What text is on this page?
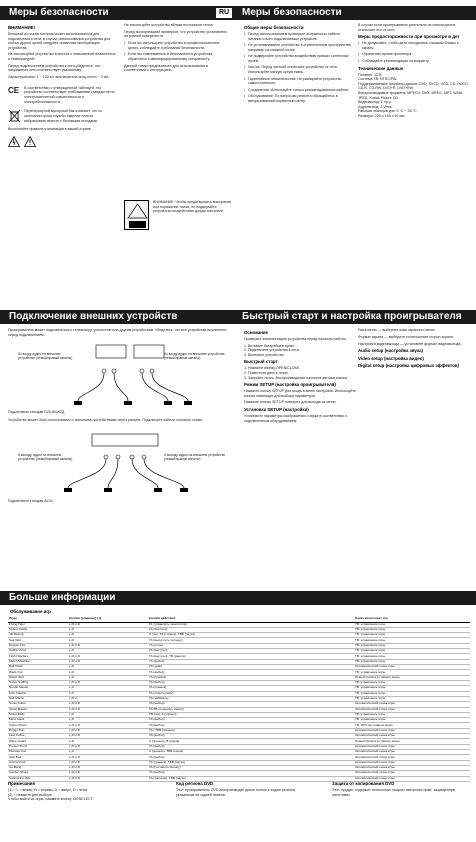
Меры безопасности	RU	Меры безопасности
ВНИМАНИЕ!

Внешний источник питания может использоваться для подключения к сети, в случае использования устройства для любых других целей следуйте правилам эксплуатации устройства.

Не используйте устройство в местах с повышенной влажностью и температурой.

Перед подключением устройства к сети убедитесь, что напряжение сети соответствует указанному.

Характеристики: 1 ~ 100 кл. выключатель мощ-ности ~ 3 мА.

CE	В соответствии с утвержденной таблицей, это устройство соответствует требованиям стандартов по электромагнитной совместимости и электробезопасности.

Перечеркнутый мусорный бак означает, что по окончании срока службы изделие нельзя выбрасывать вместе с бытовыми отходами.

Выполняйте правила утилизации в вашей стране.

Не используйте устройство вблизи источников тепла.

Перед эксплуатацией проверьте, что устройство установлено на ровной поверхности.

• Если вы используете устройство в профессиональных целях, соблюдайте требования безопасности.
• Если вы сомневаетесь в безопасности устройства, обратитесь к квалифицированному специалисту.

Данный товар предназначен для использования в соответствии с инструкцией.

ВНИМАНИЕ: Чтобы предотвратить возгорание или поражение током, не подвергайте устройство воздействию дождя или влаги.

Общие меры безопасности
• Перед использованием проверьте исправность кабеля питания и всех подключаемых устройств.
• Не устанавливайте устройство в ограниченном пространстве, например на книжной полке.
• Не подвергайте устройство воздействию прямых солнечных лучей.
• Чистка: Перед чисткой отключите устройство от сети. Используйте мягкую сухую ткань.
• Гарантийные обязательства: Не разбирайте устройство самостоятельно.
• Соединения: Используйте только рекомендованные кабели.
• Обслуживание: По вопросам ремонта обращайтесь в авторизованный сервисный центр.

В случае если проигрыватель длительно не используется, отключите его от сети.

Меры предосторожности при просмотре в дет
• Не допускайте, чтобы дети находились слишком близко к экрану.
• Ограничьте время просмотра.
• Соблюдайте рекомендации по возрасту.
Технические данные
Питание: 12 В
Система ТВ: NTSC/PAL
Поддерживаемые форматы дисков: DVD, SVCD, VCD, CD, HDCD, CD-R, CD-RW, DVD+R, DVD+RW
Воспроизводимые форматы: MPEG4, DivX, MPEG, MP3, WMA, JPEG, Kodak Picture CD
Видеовыход: 1 Vp-p
Аудиовыход: 2 Vrms
Рабочая температура: 5 °C ~ 35 °C
Размеры: 225 x 165 x 40 мм
Подключение внешних устройств	Быстрый старт и настройка проигрывателя

Проигрыватель может подключаться к телевизору, усилителю или другим устройствам. Убедитесь, что все устройства выключены перед подключением.

Ко входу аудио на внешнем устройстве (левый/правый каналы)
Ко входу аудио на внешнем устройстве (левый/правый каналы)
Подключение к входам DVD-ВЫХОД

Устройство может быть использовано с внешними устройствами через разъем. Подключите кабели согласно схеме.

К выходу аудио на внешнем устройстве (левый/правый каналы)
К выходу аудио на внешнем устройстве (левый/правый каналы)
Подключение к входам AV-IN
Основание

Проверьте комплектацию устройства перед началом работы.

1. Вставьте батарейки в пульт.
2. Подключите устройство к сети.
3. Включите устройство.
Быстрый старт
1. Нажмите кнопку OPEN/CLOSE.
2. Поместите диск в лоток.
3. Закройте лоток. Воспроизведение начнется автоматически.
Режим SETUP (настройка проигрывателя)

Нажмите кнопку SETUP для входа в меню настройки. Используйте кнопки навигации для выбора параметров.

Нажмите кнопку SETUP повторно для выхода из меню.

Установка SETUP (настройки)

Установите параметры изображения и звука в соответствии с подключенным оборудованием.

Язык меню — выберите язык экранного меню.

Формат экрана — выберите соотношение сторон экрана.

Настройка видеовыхода — установите формат видеовыхода.

Audio setup (настройка звука)
Video setup (настройка видео)
Digital setup (настройка цифровых эффектов)
Больше информации
Обслуживание игр
Игры	Кнопки (клавиши) (1)	Кнопки действия	Показ кнопочных игр
Flying Tiger	L,R,U,D	F1 (управлять самолётом)	TB: управление игры
Space Castle	L,R	TA (выстрел)	TB: управление игры
3D Racing	L,R	A (газ), TA (тормоз), TBB (пауза)	TB: управление игры
Sea War	L,R	TA (выпустить торпеду)	TB: управление игры
Dragon Fire	L,R,U,D	TA (огонь)	TB: управление игры
Soldier Arise	L,R	TA (выстрел)	TB: управление игры
Flight Warfare	L,R,U,D	TA (выстрел), TB (ракета)	TB: управление игры
Match Machine	L,R,U,D	TA (выбор)	TB: управление игры
Ball Clash	L,R	TA (удар)	Автоматический показ игры
Black Out	L,R	TA (выбор)	TB: управление игры
Magic Star	L,R	TA (прыжок)	Новый прыжок в главное меню
Super Sniffing	L,R,U,D	TA (выбор)	TB: управление игры
Nerdle Master	L,R	TA (прыжок)	TB: управление игры
Fish Catcher	L,R	TA (ловить рыбу)	TB: управление игры
Nail Mania	L,R,U	TA (забивать)	TB: управление игры
Snow Cutter	L,R,U,D	TA (выбор)	Автоматический показ игры
Jewel Master	L,R,U,D	TA/TB (поменять камни)	Автоматический показ игры
Motor Rally	L,R	TB (газ), A (тормоз)	TB: управление игры
Mind Stack	L,R	TA (выбор)	TB: управление игры
Indoor Driver	L,R,U,D	TA (выбор)	TB: ЭТО на главном меню
Boggy Run	L,R,U,D	TA / TBB (прыжок)	Автоматический показ игры
Last Coffee	L,R,U,D	TA (выбор)	Автоматический показ игры
Wave Guard	L,R	A (прыжок), B (пауза)	Новый прыжок в главное меню
Protect Truck	L,R,U,D	TA (выбор)	Автоматический показ игры
Monster Cat	L,R	A (прыжок), TBB (пауза)	Автоматический показ игры
Spin Ball	L,R,U,D	TA (выбор)	Автоматический показ игры
Animal Fruit	L,R,U,D	TA (прыжок), TBB (пауза)	Автоматический показ игры
Go Bang	L,R,U,D	TA (поставить фишку)	Автоматический показ игры
Garden Share	L,R,U,D	TA (выбор)	Автоматический показ игры
Submarine War	L,R,U,D	TA (торпеда), TBB (пауза)	Автоматический показ игры
Примечания
(1) = L = влево, R = вправо, U = вверх, D = вниз
(2) = нажмите для выбора
Чтобы выйти из игры, нажмите кнопку OK/SELECT.
Код региона DVD

Этот проигрыватель DVD воспроизводит диски только с кодом региона, указанным на задней панели.

Защита от копирования DVD

Этот продукт содержит технологию защиты авторских прав, защищенную патентами.
